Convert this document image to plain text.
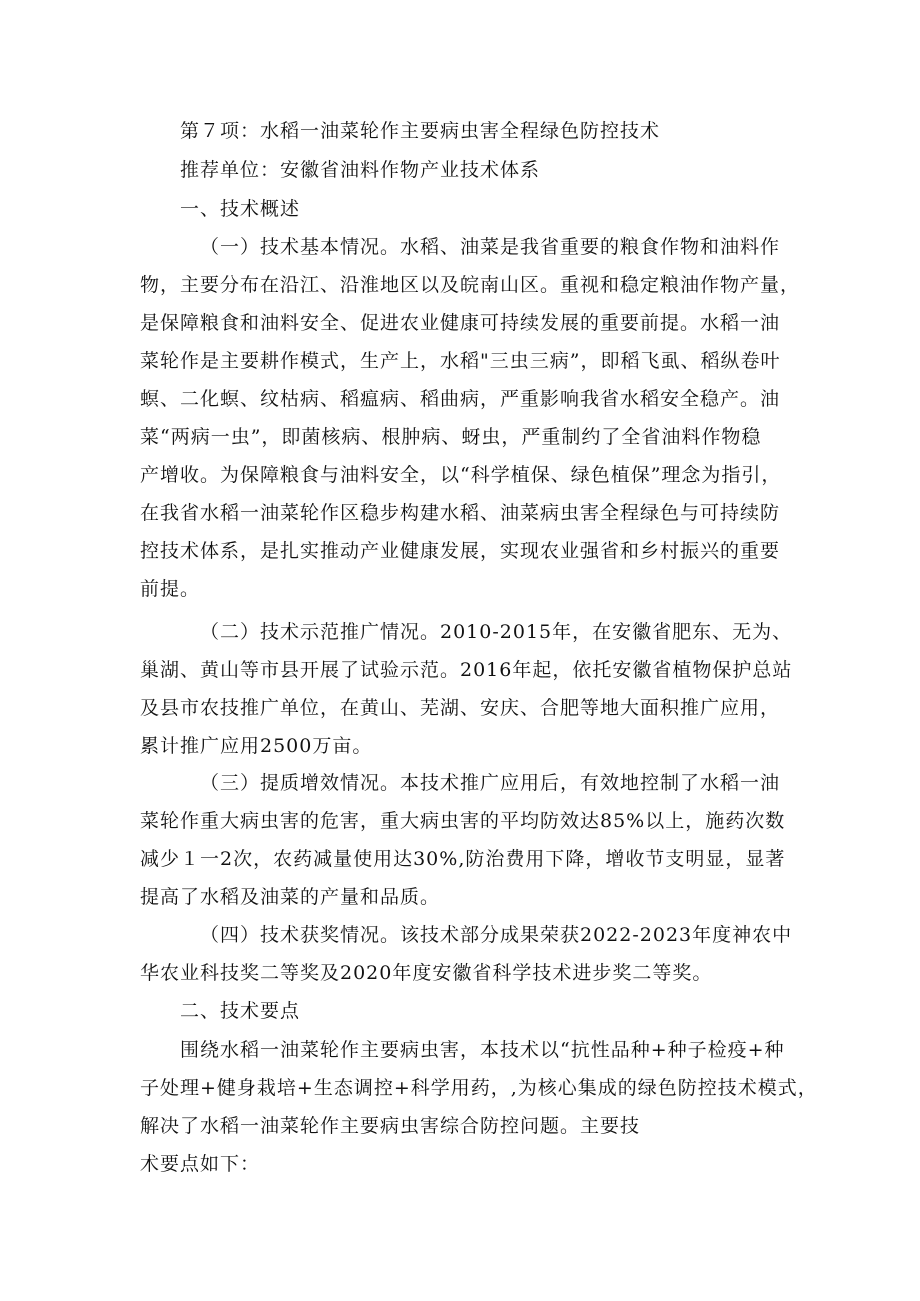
第７项：水稻一油菜轮作主要病虫害全程绿色防控技术
推荐单位：安徽省油料作物产业技术体系
一、技术概述
（一）技术基本情况。水稻、油菜是我省重要的粮食作物和油料作
物，主要分布在沿江、沿淮地区以及皖南山区。重视和稳定粮油作物产量，
是保障粮食和油料安全、促进农业健康可持续发展的重要前提。水稻一油
菜轮作是主要耕作模式，生产上，水稻"三虫三病”，即稻飞虱、稻纵卷叶
螟、二化螟、纹枯病、稻瘟病、稻曲病，严重影响我省水稻安全稳产。油
菜“两病一虫”，即菌核病、根肿病、蚜虫，严重制约了全省油料作物稳
产增收。为保障粮食与油料安全，以“科学植保、绿色植保”理念为指引，
在我省水稻一油菜轮作区稳步构建水稻、油菜病虫害全程绿色与可持续防
控技术体系，是扎实推动产业健康发展，实现农业强省和乡村振兴的重要
前提。
（二）技术示范推广情况。2010-2015年，在安徽省肥东、无为、
巢湖、黄山等市县开展了试验示范。2016年起，依托安徽省植物保护总站
及县市农技推广单位，在黄山、芜湖、安庆、合肥等地大面积推广应用，
累计推广应用2500万亩。
（三）提质增效情况。本技术推广应用后，有效地控制了水稻一油
菜轮作重大病虫害的危害，重大病虫害的平均防效达85%以上，施药次数
减少１一2次，农药减量使用达30%,防治费用下降，增收节支明显，显著
提高了水稻及油菜的产量和品质。
（四）技术获奖情况。该技术部分成果荣获2022-2023年度神农中
华农业科技奖二等奖及2020年度安徽省科学技术进步奖二等奖。
二、技术要点
围绕水稻一油菜轮作主要病虫害，本技术以“抗性品种+种子检疫+种
子处理+健身栽培+生态调控+科学用药，,为核心集成的绿色防控技术模式，
解决了水稻一油菜轮作主要病虫害综合防控问题。主要技
术要点如下：
